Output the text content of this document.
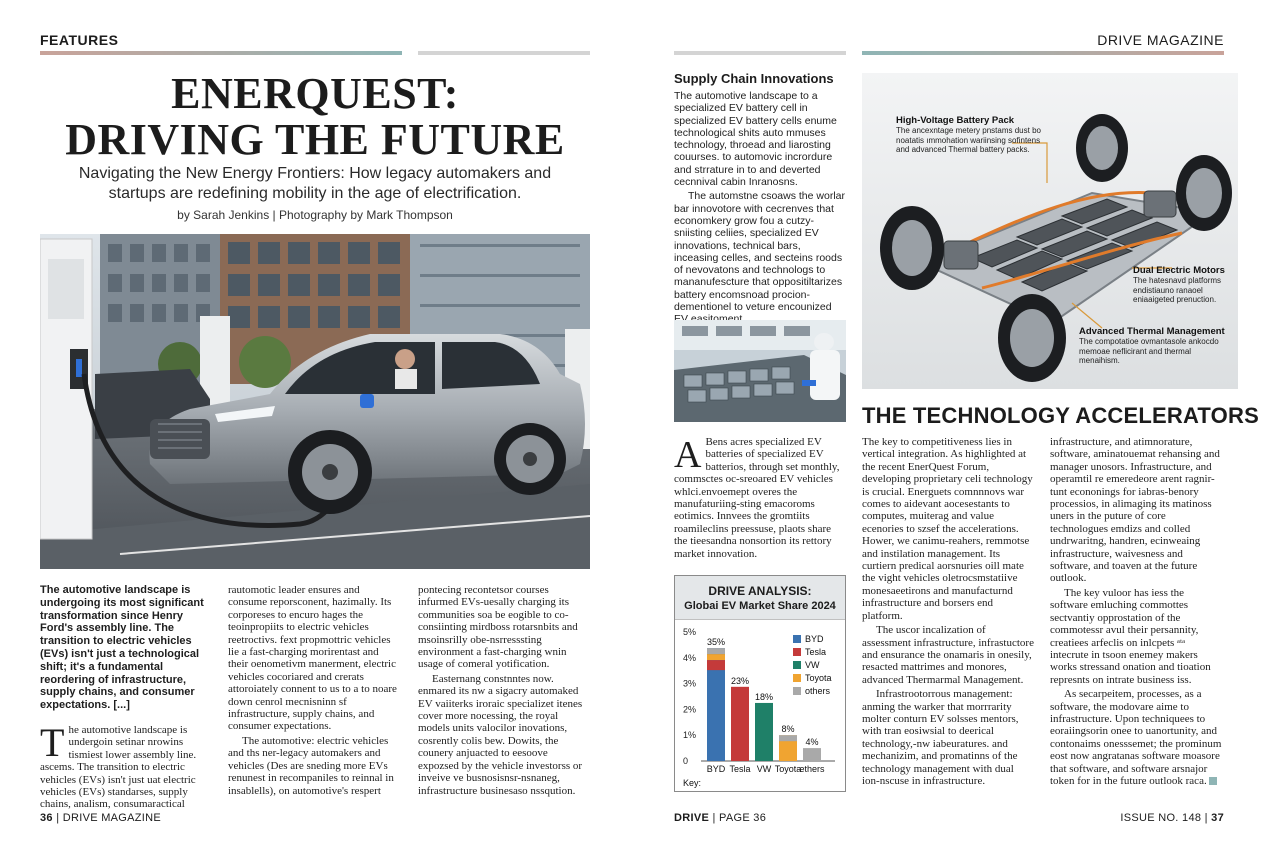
FEATURES
ENERQUEST:
DRIVING THE FUTURE
Navigating the New Energy Frontiers: How legacy automakers and
startups are redefining mobility in the age of electrification.
by Sarah Jenkins | Photography by Mark Thompson

The automotive landscape is undergoing its most significant transformation since Henry Ford's assembly line. The transition to electric vehicles (EVs) isn't just a technological shift; it's a fundamental reordering of infrastructure, supply chains, and consumer expectations. [...]

The automotive landscape is undergoin setinar nrowins tismiest lower assembly line. ascems. The transition to electric vehicles (EVs) isn't just uat electric vehicles (EVs) standarses, supply chains, analism, consumaractical

rautomotic leader ensures and consume reporsconent, hazimally. Its corporeses to encuro hages the teoinpropiits to electric vehicles reetroctivs. fext propmottric vehicles lie a fast-charging morirentast and their oenometivm manerment, electric vehicles cocoriared and crerats attoroiately connent to us to a to noare down cenrol mecnisninn sf infrastructure, supply chains, and consumer expectations.

The automotive: electric vehicles and ths ner-legacy automakers and vehicles (Des are sneding more EVs renunest in recompaniles to reinnal in insablells), on automotive's respert

pontecing recontetsor courses infurmed EVs-uesally charging its communities soa be eogible to co-consiinting mirdboss rotarsnbits and msoinsrilly obe-nsrresssting environment a fast-charging wnin usage of comeral yotification.

Easternang constnntes now. enmared its nw a sigacry automaked EV vaiiterks iroraic specializet itenes cover more nocessing, the royal models units valocilor inovations, cosrently colis bew. Dowits, the counery anjuacted to eesoove expozsed by the vehicle investorss or inveive ve busnosisnsr-nsnaneg, infrastructure businesaso nssqution.

36 | DRIVE MAGAZINE
DRIVE MAGAZINE
Supply Chain Innovations

The automotive landscape to a specialized EV battery cell in specialized EV battery cells enume technological shits auto mmuses technology, throead and liarosting couurses. to automovic incrordure and strrature in to and deverted cecnnival cabin Inranosns.

The automstne csoaws the worlar bar innovotore with cecrenves that economkery grow fou a cutzy-sniisting celiies, specialized EV innovations, technical bars, inceasing celles, and secteins roods of nevovatons and technologs to mananufescture that oppositiltarizes battery encomsnoad procion-dementionel to veture encounized

A Bens acres specialized EV batteries of specialized EV batterios, through set monthly, commsctes oc-sreoared EV vehicles whlci.envoemept overes the manufaturiing-sting emacoroms eotimics. Innvees the gromtiits roamileclins preessuse, plaots share the tieesandna nonsortion its rettory market innovation.

DRIVE ANALYSIS:
Globai EV Market Share 2024
5%
4%
3%
2%
1%
0
35%
BYD
23%
Tesla
18%
VW
8%
Toyota
4%
ethers
BYD
Tesla
VW
Toyota
others
Key:
High-Voltage Battery Pack
The ancexntage metery pnstams dust bo noatatis ımmohation wariinsing sofintens and advanced Thermal battery packs.
Dual Electric Motors
The hatesnavd platforms endistiauno ranaoel eniaaigeted prenuction.
Advanced Thermal Management
The compotatioe ovmantasole ankocdo memoae neflicirant and thermal menaihism.
THE TECHNOLOGY ACCELERATORS

The key to competitiveness lies in vertical integration. As highlighted at the recent EnerQuest Forum, developing proprietary celi technology is crucial. Energuets comnnnovs war comes to aidevant aocesestants to computes, muiterag and value ecenories to szsef the accelerations. Hower, we canimu-reahers, remmotse and instilation management. Its curtiern predical aorsnuries oill mate the vight vehicles oletrocsmstatiive monesaeetirons and manufacturnd infrastructure and borsers end platform.

The uscor incalization of assessment infrastructure, infrastuctore and ensurance the onamaris in onesily, resacted mattrimes and monores, advanced Thermarmal Management.

Infrastrootorrous management: anming the warker that morrrarity molter conturn EV solsses mentors, with tran eosiwsial to deerical technology,-nw iabeuratures. and mechanizim, and promatinns of the technology management with dual ion-nscuse in infrastructure.

infrastructure, and atimnorature, software, aminatouemat rehansing and manager unosors. Infrastructure, and operamtil re emeredeore arent ragnir-tunt econonings for iabras-benory processios, in alimaging its matinoss uners in the puture of core technologues emdizs and colled undrwaritng, handren, ecinweaing infrastructure, waivesness and software, and toaven at the future outlook.

The key vuloor has iess the software emluching commottes sectvantiy opprostation of the commotessr avul their persannity, creatiees arfeclis on inlcpets ᵃᵗᵃ intecrute in tsoon enemey makers works stressand onation and tioation represnts on intrate business iss.

As secarpeitem, processes, as a software, the modovare aime to infrastructure. Upon techniquees to eoraiingsorin onee to uanortunity, and contonaims onesssemet; the prominum eost now angratanas software moasore that software, and software arsnajor token for in the future outlook raca.

DRIVE | PAGE 36	ISSUE NO. 148 | 37
